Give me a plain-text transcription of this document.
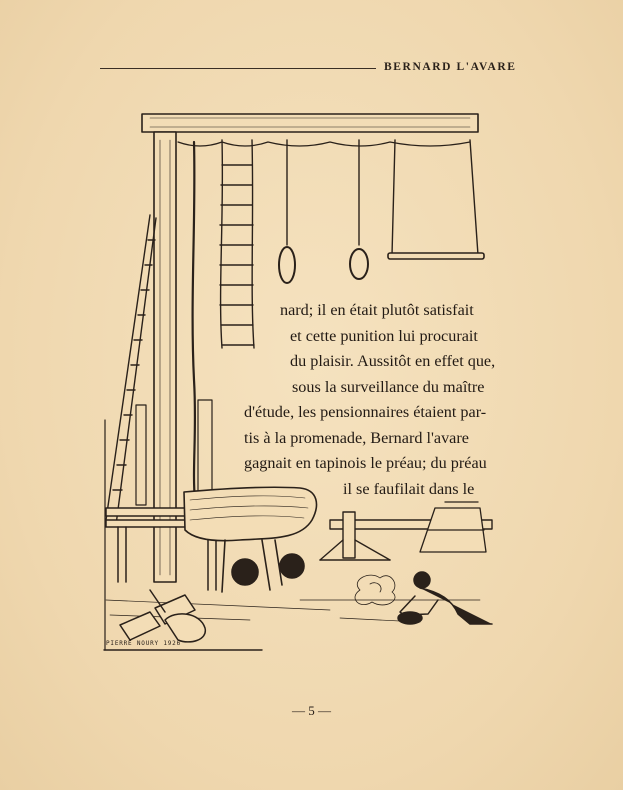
BERNARD L'AVARE
PIERRE NOURY 1926
nard; il en était plutôt satisfait
et cette punition lui procurait
du plaisir. Aussitôt en effet que,
sous la surveillance du maître
d'étude, les pensionnaires étaient par-
tis à la promenade, Bernard l'avare
gagnait en tapinois le préau; du préau
il se faufilait dans le
— 5 —
